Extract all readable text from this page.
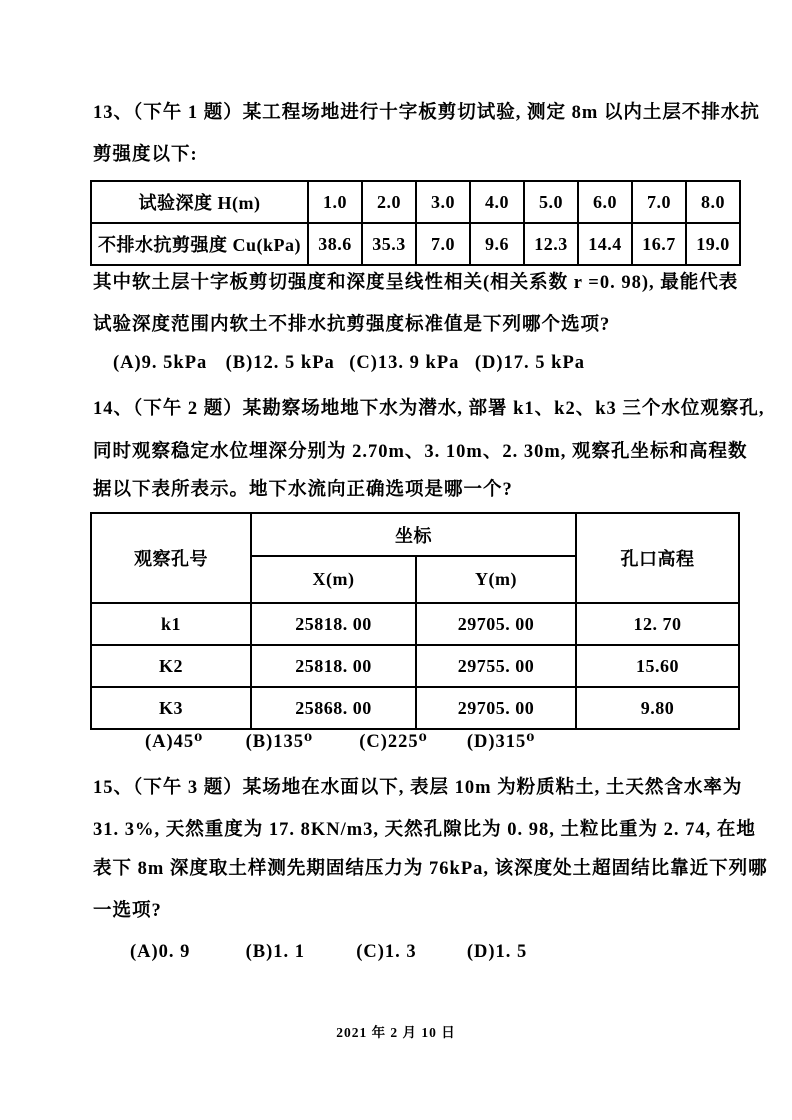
13、（下午 1 题）某工程场地进行十字板剪切试验, 测定 8m 以内土层不排水抗
剪强度以下:
试验深度 H(m)	1.0	2.0	3.0	4.0	5.0	6.0	7.0	8.0
不排水抗剪强度 Cu(kPa)	38.6	35.3	7.0	9.6	12.3	14.4	16.7	19.0
其中软土层十字板剪切强度和深度呈线性相关(相关系数 r =0. 98), 最能代表
试验深度范围内软土不排水抗剪强度标准值是下列哪个选项?
(A)9. 5kPa (B)12. 5 kPa (C)13. 9 kPa (D)17. 5 kPa
14、（下午 2 题）某勘察场地地下水为潜水, 部署 k1、k2、k3 三个水位观察孔,
同时观察稳定水位埋深分别为 2.70m、3. 10m、2. 30m, 观察孔坐标和高程数
据以下表所表示。地下水流向正确选项是哪一个?
观察孔号	坐标		孔口高程
	X(m)	Y(m)	
k1	25818. 00	29705. 00	12. 70
K2	25818. 00	29755. 00	15.60
K3	25868. 00	29705. 00	9.80
(A)45⁰ (B)135⁰ (C)225⁰ (D)315⁰
15、（下午 3 题）某场地在水面以下, 表层 10m 为粉质粘土, 土天然含水率为
31. 3%, 天然重度为 17. 8KN/m3, 天然孔隙比为 0. 98, 土粒比重为 2. 74, 在地
表下 8m 深度取土样测先期固结压力为 76kPa, 该深度处土超固结比靠近下列哪
一选项?
(A)0. 9	(B)1. 1	(C)1. 3	(D)1. 5
2021 年 2 月 10 日
